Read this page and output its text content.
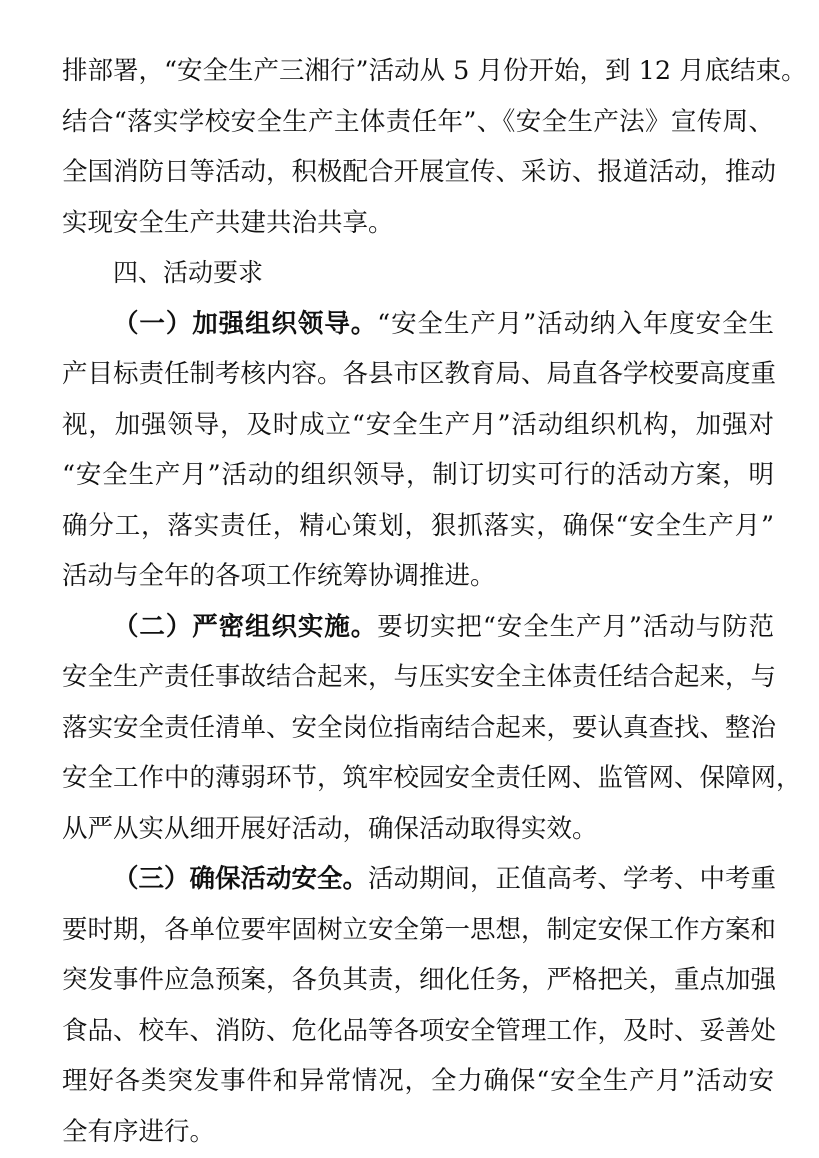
排部署，“安全生产三湘行”活动从 5 月份开始，到 12 月底结束。
结合“落实学校安全生产主体责任年”、《安全生产法》宣传周、
全国消防日等活动，积极配合开展宣传、采访、报道活动，推动
实现安全生产共建共治共享。
四、活动要求
（一）加强组织领导。“安全生产月”活动纳入年度安全生
产目标责任制考核内容。各县市区教育局、局直各学校要高度重
视，加强领导，及时成立“安全生产月”活动组织机构，加强对
“安全生产月”活动的组织领导，制订切实可行的活动方案，明
确分工，落实责任，精心策划，狠抓落实，确保“安全生产月”
活动与全年的各项工作统筹协调推进。
（二）严密组织实施。要切实把“安全生产月”活动与防范
安全生产责任事故结合起来，与压实安全主体责任结合起来，与
落实安全责任清单、安全岗位指南结合起来，要认真查找、整治
安全工作中的薄弱环节，筑牢校园安全责任网、监管网、保障网，
从严从实从细开展好活动，确保活动取得实效。
（三）确保活动安全。活动期间，正值高考、学考、中考重
要时期，各单位要牢固树立安全第一思想，制定安保工作方案和
突发事件应急预案，各负其责，细化任务，严格把关，重点加强
食品、校车、消防、危化品等各项安全管理工作，及时、妥善处
理好各类突发事件和异常情况，全力确保“安全生产月”活动安
全有序进行。
